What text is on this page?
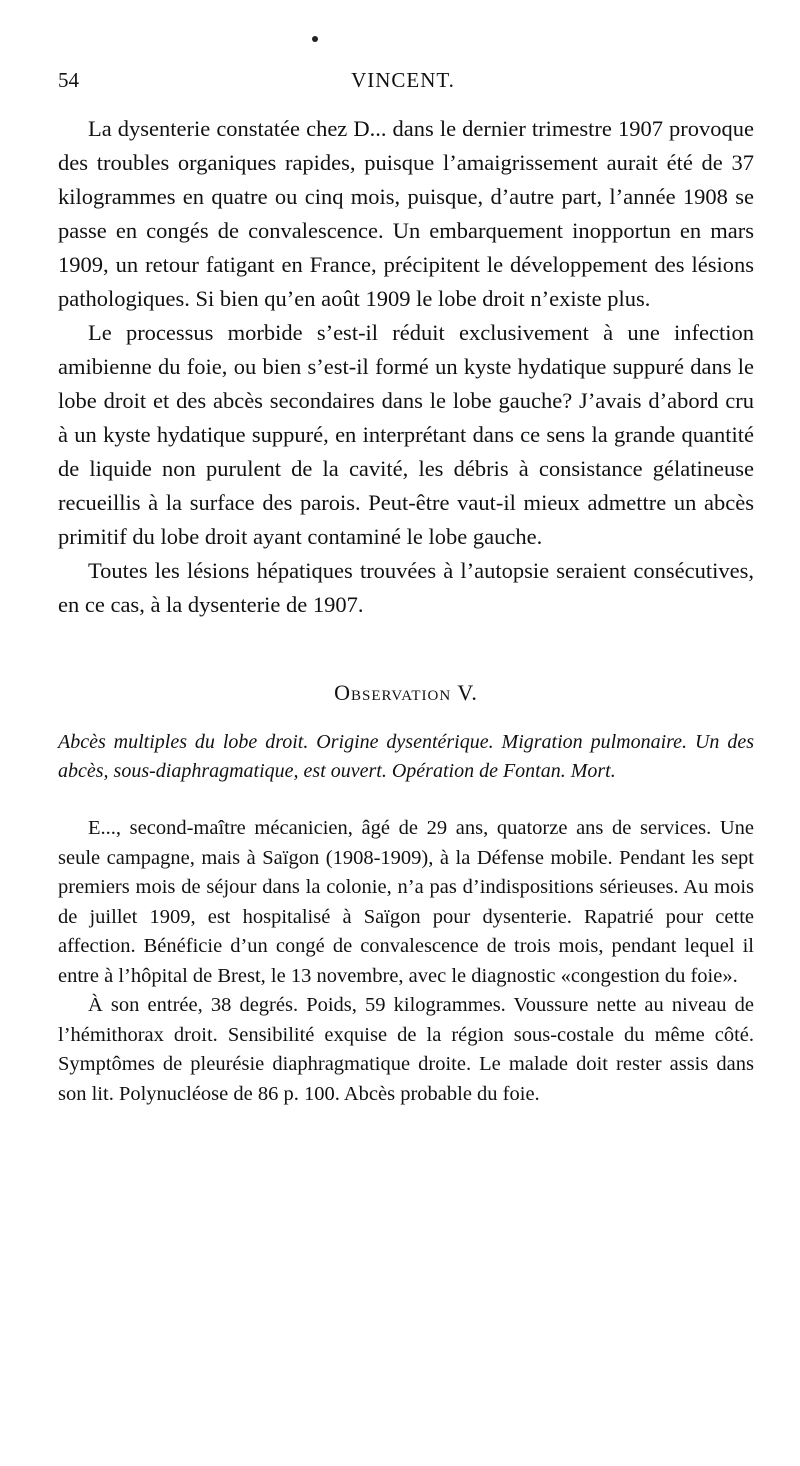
54	VINCENT.

La dysenterie constatée chez D... dans le dernier trimestre 1907 provoque des troubles organiques rapides, puisque l’amaigrissement aurait été de 37 kilogrammes en quatre ou cinq mois, puisque, d’autre part, l’année 1908 se passe en congés de convalescence. Un embarquement inopportun en mars 1909, un retour fatigant en France, précipitent le développement des lésions pathologiques. Si bien qu’en août 1909 le lobe droit n’existe plus.

Le processus morbide s’est-il réduit exclusivement à une infection amibienne du foie, ou bien s’est-il formé un kyste hydatique suppuré dans le lobe droit et des abcès secondaires dans le lobe gauche? J’avais d’abord cru à un kyste hydatique suppuré, en interprétant dans ce sens la grande quantité de liquide non purulent de la cavité, les débris à consistance gélatineuse recueillis à la surface des parois. Peut-être vaut-il mieux admettre un abcès primitif du lobe droit ayant contaminé le lobe gauche.

Toutes les lésions hépatiques trouvées à l’autopsie seraient consécutives, en ce cas, à la dysenterie de 1907.

Observation V.

Abcès multiples du lobe droit. Origine dysentérique. Migration pulmonaire. Un des abcès, sous-diaphragmatique, est ouvert. Opération de Fontan. Mort.

E..., second-maître mécanicien, âgé de 29 ans, quatorze ans de services. Une seule campagne, mais à Saïgon (1908-1909), à la Défense mobile. Pendant les sept premiers mois de séjour dans la colonie, n’a pas d’indispositions sérieuses. Au mois de juillet 1909, est hospitalisé à Saïgon pour dysenterie. Rapatrié pour cette affection. Bénéficie d’un congé de convalescence de trois mois, pendant lequel il entre à l’hôpital de Brest, le 13 novembre, avec le diagnostic «congestion du foie».

À son entrée, 38 degrés. Poids, 59 kilogrammes. Voussure nette au niveau de l’hémithorax droit. Sensibilité exquise de la région sous-costale du même côté. Symptômes de pleurésie diaphragmatique droite. Le malade doit rester assis dans son lit. Polynucléose de 86 p. 100. Abcès probable du foie.
